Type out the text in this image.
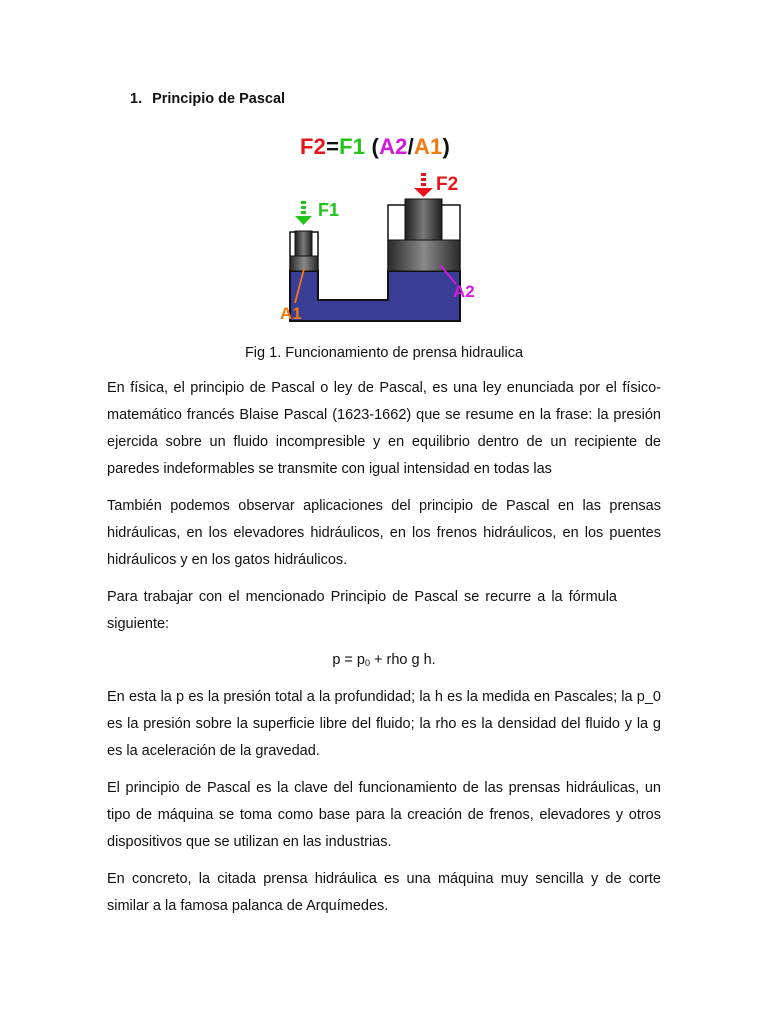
1. Principio de Pascal
F2=F1 (A2/A1)
F1
F2
A1
A2
Fig 1. Funcionamiento de prensa hidraulica

En física, el principio de Pascal o ley de Pascal, es una ley enunciada por el físico-matemático francés Blaise Pascal (1623-1662) que se resume en la frase: la presión ejercida sobre un fluido incompresible y en equilibrio dentro de un recipiente de paredes indeformables se transmite con igual intensidad en todas las

También podemos observar aplicaciones del principio de Pascal en las prensas hidráulicas, en los elevadores hidráulicos, en los frenos hidráulicos, en los puentes hidráulicos y en los gatos hidráulicos.

Para trabajar con el mencionado Principio de Pascal se recurre a la fórmula siguiente:

$p = p_0$ + rho g h.

En esta la p es la presión total a la profundidad; la h es la medida en Pascales; la p_0 es la presión sobre la superficie libre del fluido; la rho es la densidad del fluido y la g es la aceleración de la gravedad.

El principio de Pascal es la clave del funcionamiento de las prensas hidráulicas, un tipo de máquina se toma como base para la creación de frenos, elevadores y otros dispositivos que se utilizan en las industrias.

En concreto, la citada prensa hidráulica es una máquina muy sencilla y de corte similar a la famosa palanca de Arquímedes.
